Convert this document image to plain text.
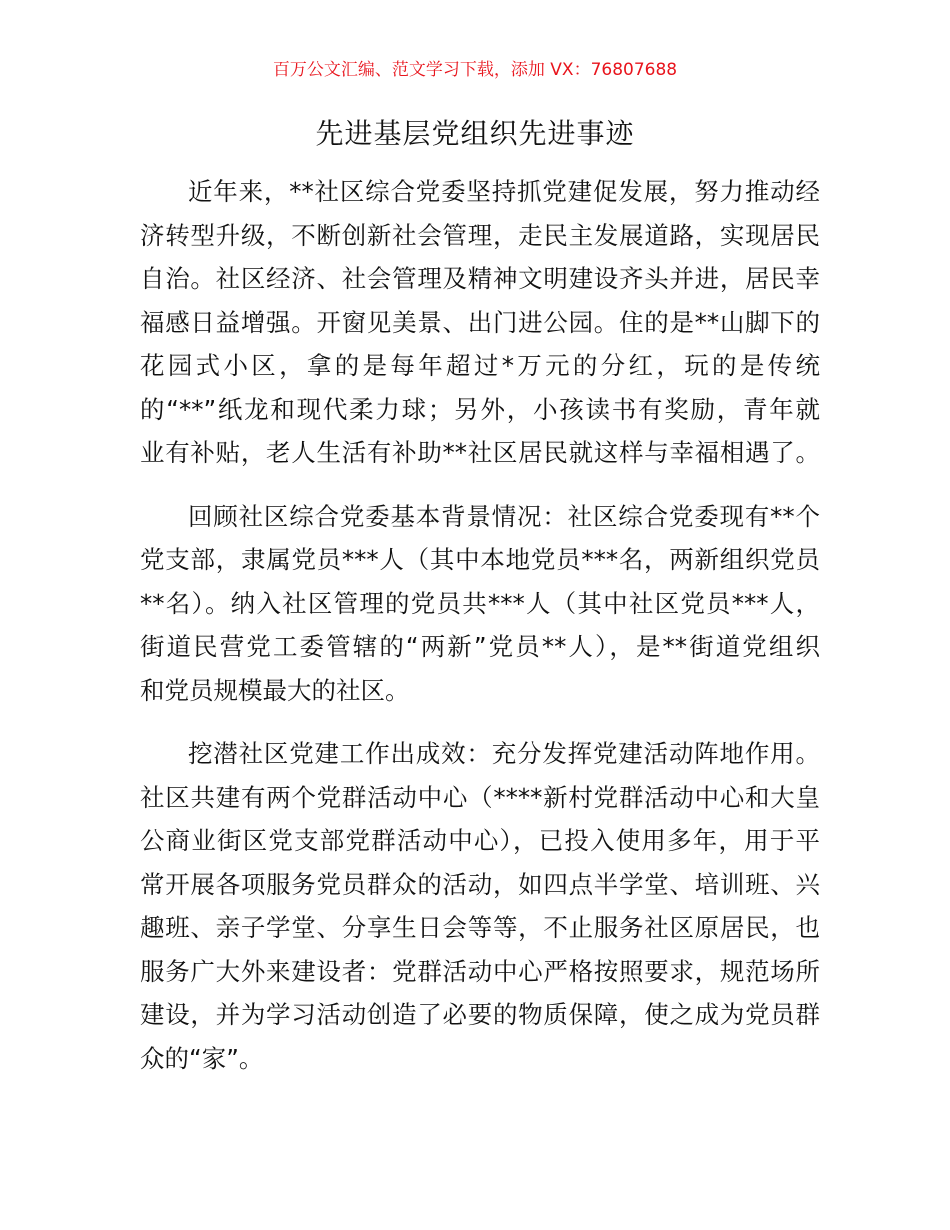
百万公文汇编、范文学习下载，添加 VX：76807688
先进基层党组织先进事迹
近年来，**社区综合党委坚持抓党建促发展，努力推动经
济转型升级，不断创新社会管理，走民主发展道路，实现居民
自治。社区经济、社会管理及精神文明建设齐头并进，居民幸
福感日益增强。开窗见美景、出门进公园。住的是**山脚下的
花园式小区，拿的是每年超过*万元的分红，玩的是传统
的“**”纸龙和现代柔力球；另外，小孩读书有奖励，青年就
业有补贴，老人生活有补助**社区居民就这样与幸福相遇了。
回顾社区综合党委基本背景情况：社区综合党委现有**个
党支部，隶属党员***人（其中本地党员***名，两新组织党员
**名）。纳入社区管理的党员共***人（其中社区党员***人，
街道民营党工委管辖的“两新”党员**人），是**街道党组织
和党员规模最大的社区。
挖潜社区党建工作出成效：充分发挥党建活动阵地作用。
社区共建有两个党群活动中心（****新村党群活动中心和大皇
公商业街区党支部党群活动中心），已投入使用多年，用于平
常开展各项服务党员群众的活动，如四点半学堂、培训班、兴
趣班、亲子学堂、分享生日会等等，不止服务社区原居民，也
服务广大外来建设者：党群活动中心严格按照要求，规范场所
建设，并为学习活动创造了必要的物质保障，使之成为党员群
众的“家”。
